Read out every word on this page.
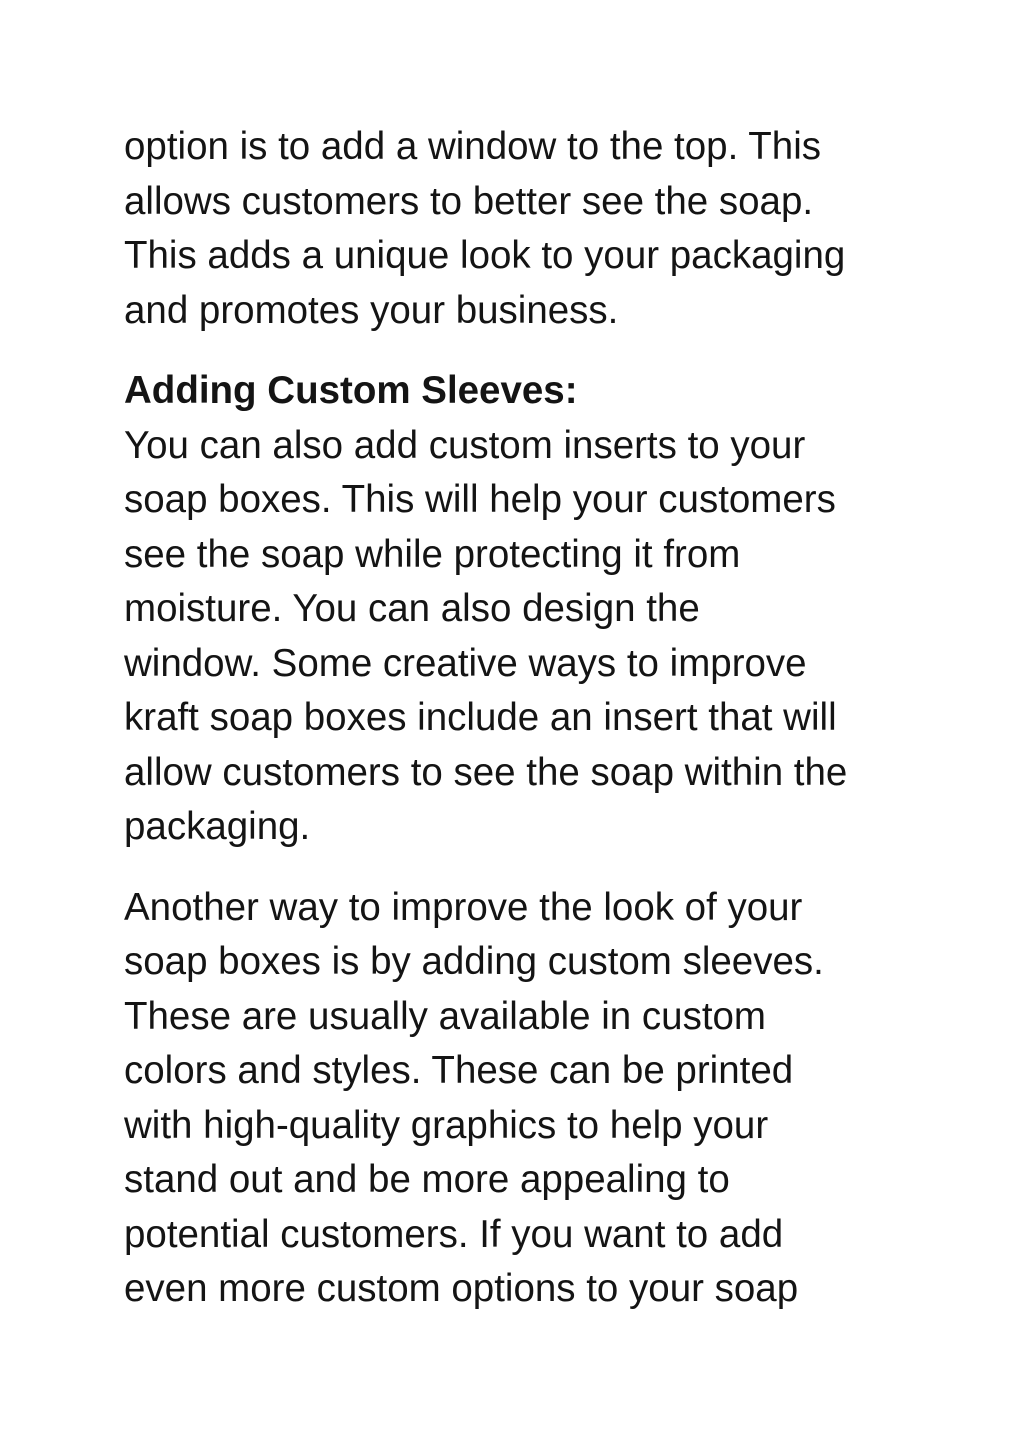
option is to add a window to the top. This
allows customers to better see the soap.
This adds a unique look to your packaging
and promotes your business.

Adding Custom Sleeves:

You can also add custom inserts to your
soap boxes. This will help your customers
see the soap while protecting it from
moisture. You can also design the
window. Some creative ways to improve
kraft soap boxes include an insert that will
allow customers to see the soap within the
packaging.

Another way to improve the look of your
soap boxes is by adding custom sleeves.
These are usually available in custom
colors and styles. These can be printed
with high-quality graphics to help your
stand out and be more appealing to
potential customers. If you want to add
even more custom options to your soap
